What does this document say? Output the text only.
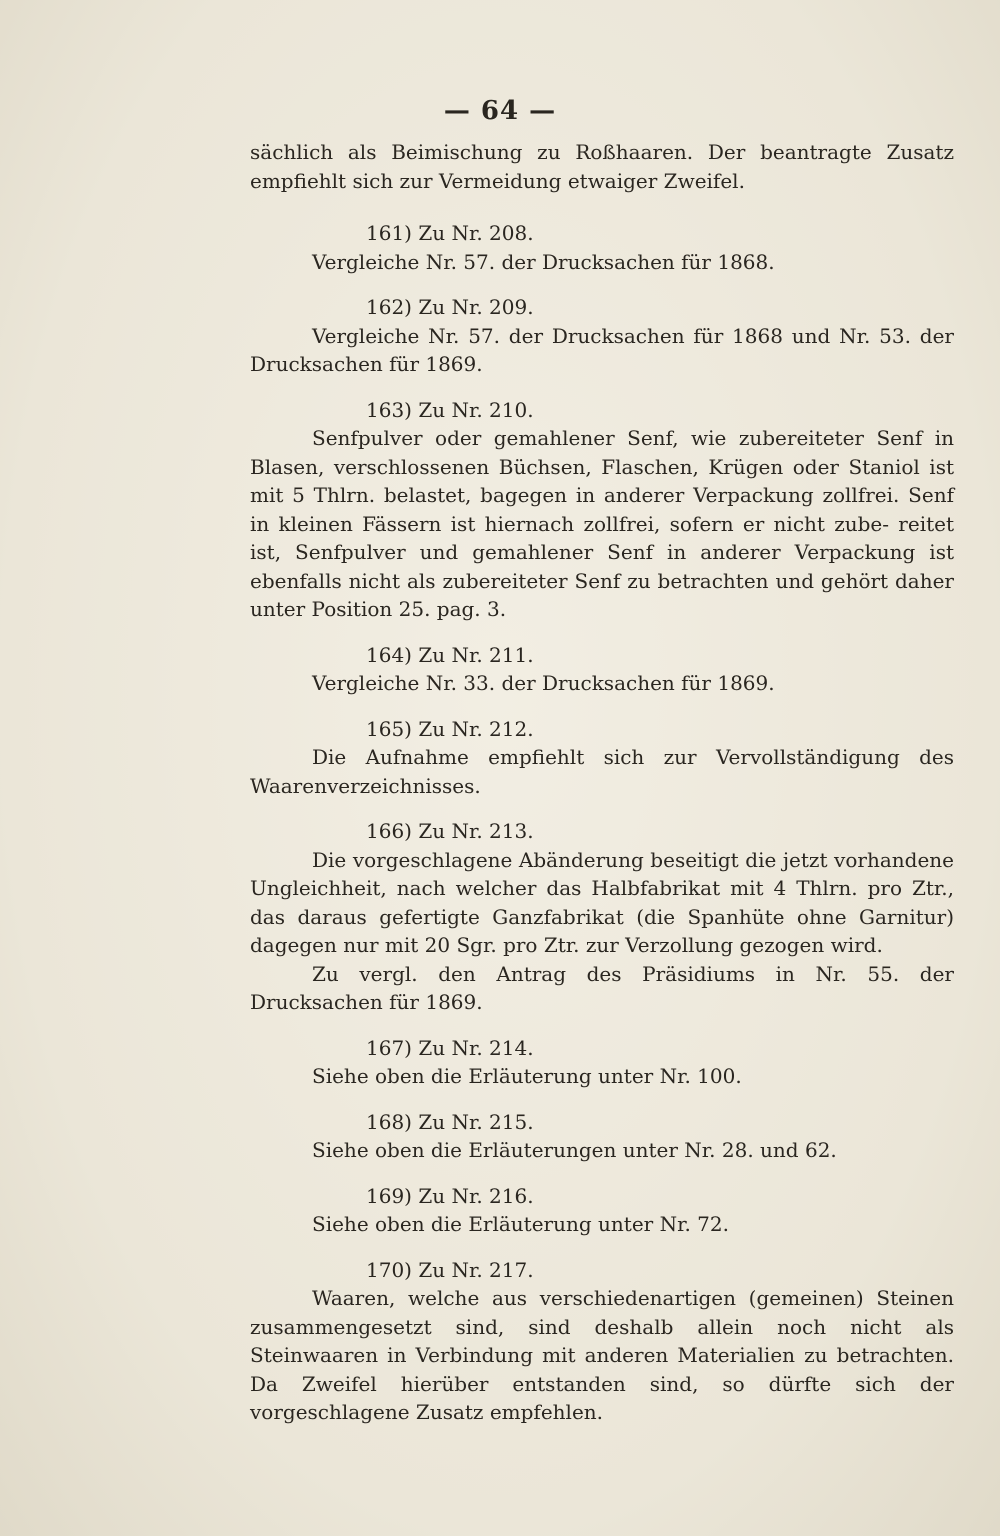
— 64 —

sächlich als Beimischung zu Roßhaaren. Der beantragte Zusatz empfiehlt sich zur Vermeidung etwaiger Zweifel.

161) Zu Nr. 208.

Vergleiche Nr. 57. der Drucksachen für 1868.

162) Zu Nr. 209.

Vergleiche Nr. 57. der Drucksachen für 1868 und Nr. 53. der Drucksachen für 1869.

163) Zu Nr. 210.

Senfpulver oder gemahlener Senf, wie zubereiteter Senf in Blasen, verschlossenen Büchsen, Flaschen, Krügen oder Staniol ist mit 5 Thlrn. belastet, bagegen in anderer Verpackung zollfrei. Senf in kleinen Fässern ist hiernach zollfrei, sofern er nicht zube- reitet ist, Senfpulver und gemahlener Senf in anderer Verpackung ist ebenfalls nicht als zubereiteter Senf zu betrachten und gehört daher unter Position 25. pag. 3.

164) Zu Nr. 211.

Vergleiche Nr. 33. der Drucksachen für 1869.

165) Zu Nr. 212.

Die Aufnahme empfiehlt sich zur Vervollständigung des Waarenverzeichnisses.

166) Zu Nr. 213.

Die vorgeschlagene Abänderung beseitigt die jetzt vorhandene Ungleichheit, nach welcher das Halbfabrikat mit 4 Thlrn. pro Ztr., das daraus gefertigte Ganzfabrikat (die Spanhüte ohne Garnitur) dagegen nur mit 20 Sgr. pro Ztr. zur Verzollung gezogen wird.

Zu vergl. den Antrag des Präsidiums in Nr. 55. der Drucksachen für 1869.

167) Zu Nr. 214.

Siehe oben die Erläuterung unter Nr. 100.

168) Zu Nr. 215.

Siehe oben die Erläuterungen unter Nr. 28. und 62.

169) Zu Nr. 216.

Siehe oben die Erläuterung unter Nr. 72.

170) Zu Nr. 217.

Waaren, welche aus verschiedenartigen (gemeinen) Steinen zusammengesetzt sind, sind deshalb allein noch nicht als Steinwaaren in Verbindung mit anderen Materialien zu betrachten. Da Zweifel hierüber entstanden sind, so dürfte sich der vorgeschlagene Zusatz empfehlen.
